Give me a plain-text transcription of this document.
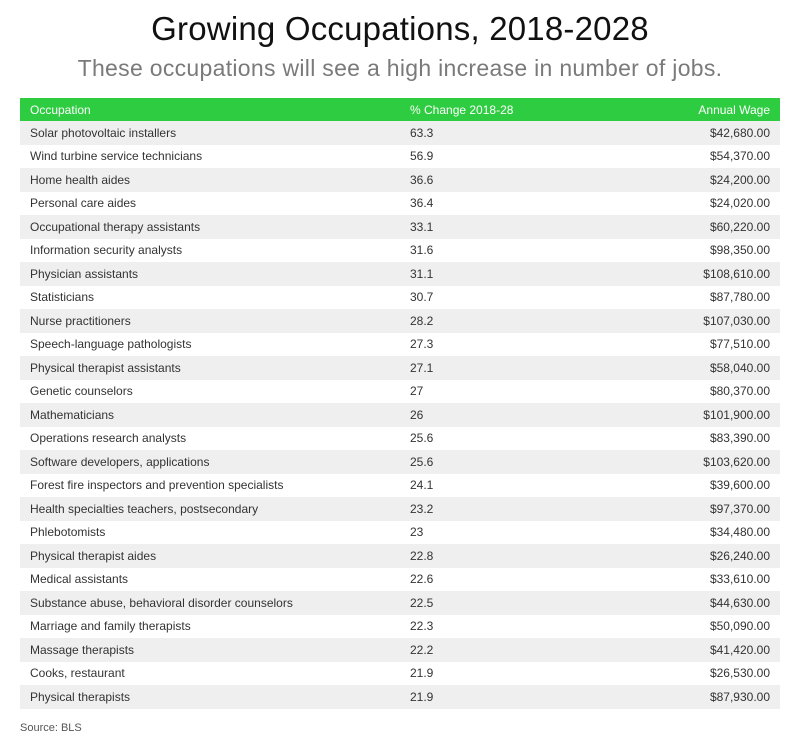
Growing Occupations, 2018-2028
These occupations will see a high increase in number of jobs.
Occupation		% Change 2018-28	Annual Wage

Solar photovoltaic installers		63.3	$42,680.00

Wind turbine service technicians		56.9	$54,370.00

Home health aides		36.6	$24,200.00

Personal care aides		36.4	$24,020.00

Occupational therapy assistants		33.1	$60,220.00

Information security analysts		31.6	$98,350.00

Physician assistants		31.1	$108,610.00

Statisticians		30.7	$87,780.00

Nurse practitioners		28.2	$107,030.00

Speech-language pathologists		27.3	$77,510.00

Physical therapist assistants		27.1	$58,040.00

Genetic counselors		27	$80,370.00

Mathematicians		26	$101,900.00

Operations research analysts		25.6	$83,390.00

Software developers, applications		25.6	$103,620.00

Forest fire inspectors and prevention specialists		24.1	$39,600.00

Health specialties teachers, postsecondary		23.2	$97,370.00

Phlebotomists		23	$34,480.00

Physical therapist aides		22.8	$26,240.00

Medical assistants		22.6	$33,610.00

Substance abuse, behavioral disorder counselors		22.5	$44,630.00

Marriage and family therapists		22.3	$50,090.00

Massage therapists		22.2	$41,420.00

Cooks, restaurant		21.9	$26,530.00

Physical therapists		21.9	$87,930.00
Source: BLS
